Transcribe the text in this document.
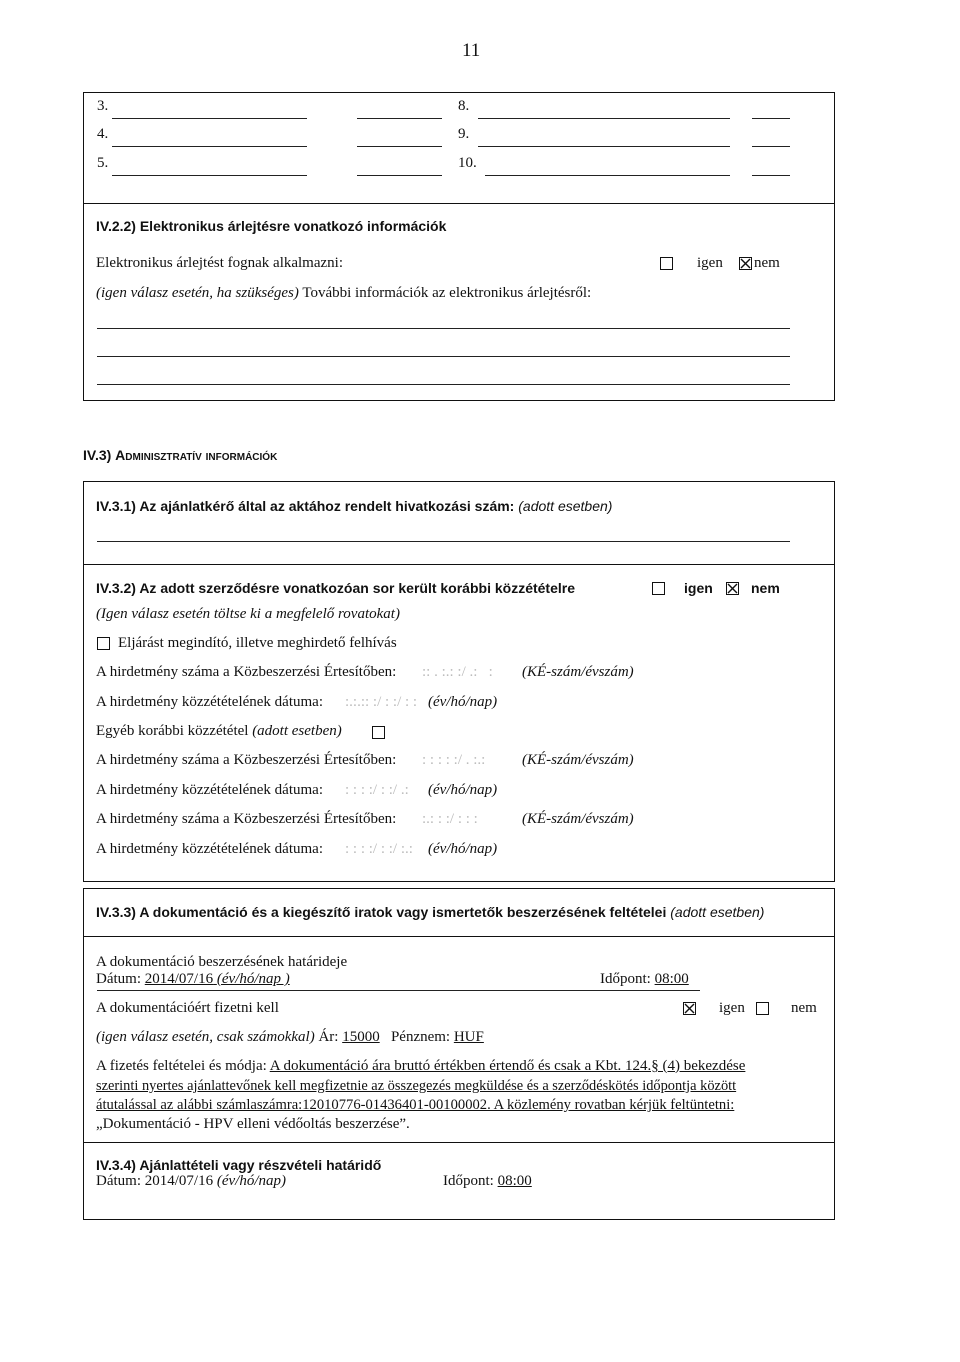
11
3.
4.
5.
8.
9.
10.
IV.2.2) Elektronikus árlejtésre vonatkozó információk
Elektronikus árlejtést fognak alkalmazni:	igen nem
(igen válasz esetén, ha szükséges) További információk az elektronikus árlejtésről:
IV.3) Adminisztratív információk
IV.3.1) Az ajánlatkérő által az aktához rendelt hivatkozási szám: (adott esetben)
IV.3.2) Az adott szerződésre vonatkozóan sor került korábbi közzétételre	igen	nem
(Igen válasz esetén töltse ki a megfelelő rovatokat)
Eljárást megindító, illetve meghirdető felhívás
A hirdetmény száma a Közbeszerzési Értesítőben: :: . :.: :/ .:   : (KÉ-szám/évszám)
A hirdetmény közzétételének dátuma: :.:.:: :/ : :/ : : (év/hó/nap)
Egyéb korábbi közzététel (adott esetben)
A hirdetmény száma a Közbeszerzési Értesítőben: : : : : :/ . :.: (KÉ-szám/évszám)
A hirdetmény közzétételének dátuma: : : : :/ : :/ .: (év/hó/nap)
A hirdetmény száma a Közbeszerzési Értesítőben: :.: : :/ : : :	(KÉ-szám/évszám)
A hirdetmény közzétételének dátuma: : : : :/ : :/ :.: (év/hó/nap)
IV.3.3) A dokumentáció és a kiegészítő iratok vagy ismertetők beszerzésének feltételei (adott esetben)
A dokumentáció beszerzésének határideje
Dátum: 2014/07/16 (év/hó/nap )	Időpont: 08:00
A dokumentációért fizetni kell	igen	nem
(igen válasz esetén, csak számokkal) Ár: 15000 Pénznem: HUF
A fizetés feltételei és módja: A dokumentáció ára bruttó értékben értendő és csak a Kbt. 124.§ (4) bekezdése
szerinti nyertes ajánlattevőnek kell megfizetnie az összegezés megküldése és a szerződéskötés időpontja között
átutalással az alábbi számlaszámra:12010776-01436401-00100002. A közlemény rovatban kérjük feltüntetni:
„Dokumentáció - HPV elleni védőoltás beszerzése”.
IV.3.4) Ajánlattételi vagy részvételi határidő
Dátum: 2014/07/16 (év/hó/nap)	Időpont: 08:00
